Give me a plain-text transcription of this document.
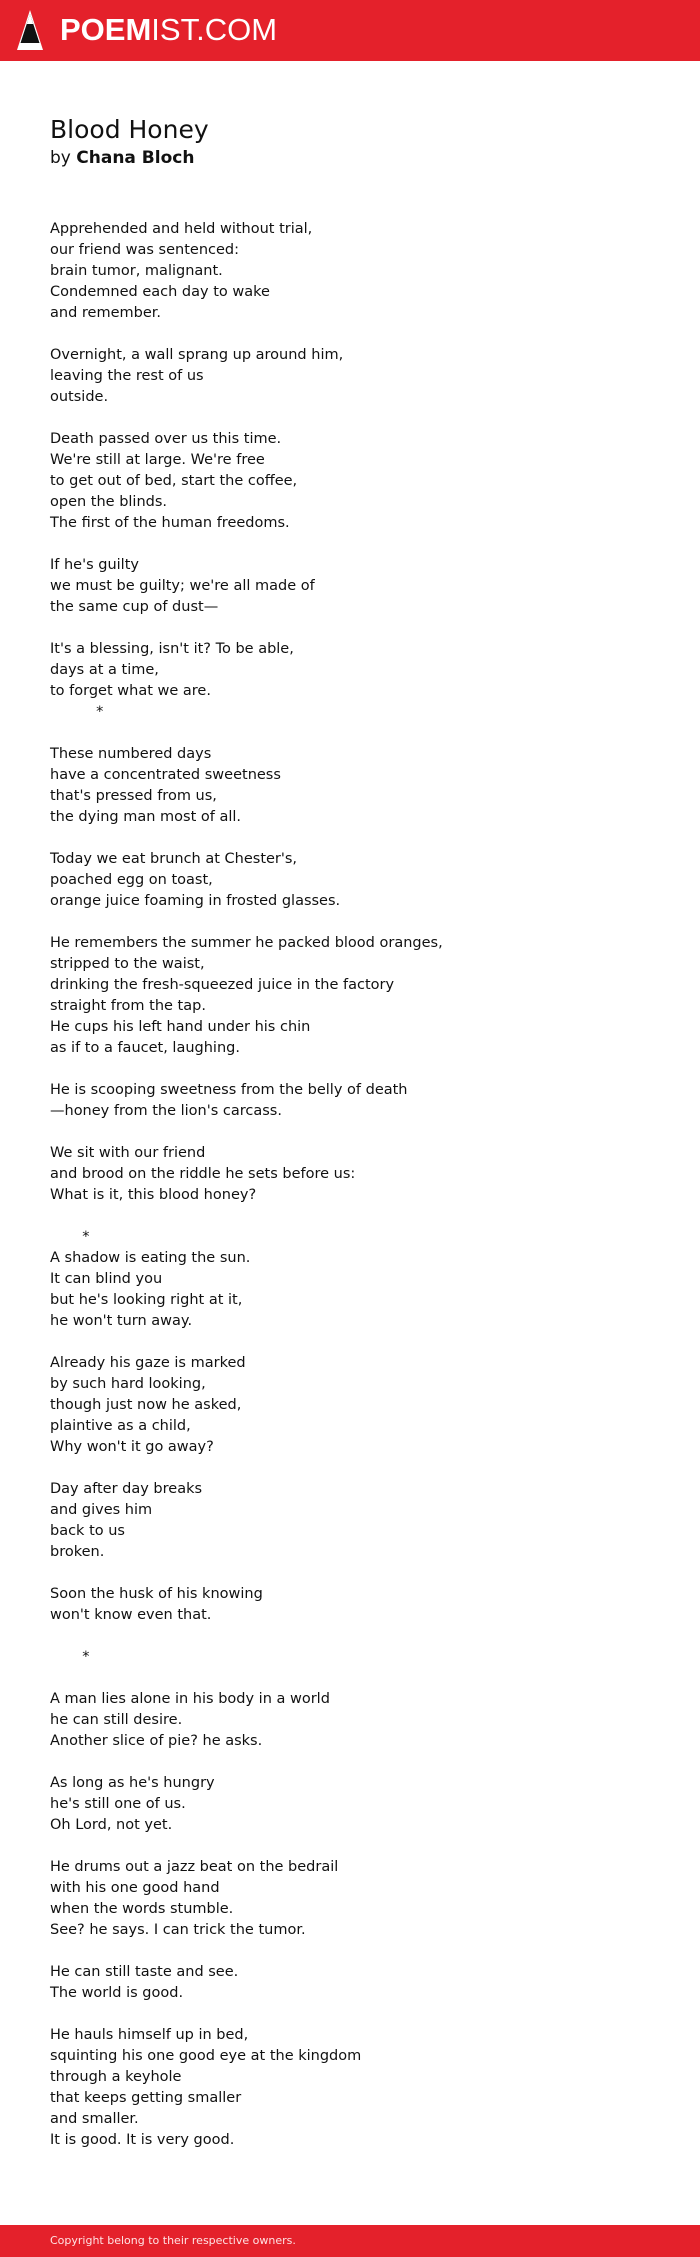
POEMIST.COM
Blood Honey
by Chana Bloch
Apprehended and held without trial,
our friend was sentenced:
brain tumor, malignant.
Condemned each day to wake
and remember.
Overnight, a wall sprang up around him,
leaving the rest of us
outside.
Death passed over us this time.
We're still at large. We're free
to get out of bed, start the coffee,
open the blinds.
The first of the human freedoms.
If he's guilty
we must be guilty; we're all made of
the same cup of dust—
It's a blessing, isn't it? To be able,
days at a time,
to forget what we are.
*
These numbered days
have a concentrated sweetness
that's pressed from us,
the dying man most of all.
Today we eat brunch at Chester's,
poached egg on toast,
orange juice foaming in frosted glasses.
He remembers the summer he packed blood oranges,
stripped to the waist,
drinking the fresh-squeezed juice in the factory
straight from the tap.
He cups his left hand under his chin
as if to a faucet, laughing.
He is scooping sweetness from the belly of death
—honey from the lion's carcass.
We sit with our friend
and brood on the riddle he sets before us:
What is it, this blood honey?
*
A shadow is eating the sun.
It can blind you
but he's looking right at it,
he won't turn away.
Already his gaze is marked
by such hard looking,
though just now he asked,
plaintive as a child,
Why won't it go away?
Day after day breaks
and gives him
back to us
broken.
Soon the husk of his knowing
won't know even that.
*
A man lies alone in his body in a world
he can still desire.
Another slice of pie? he asks.
As long as he's hungry
he's still one of us.
Oh Lord, not yet.
He drums out a jazz beat on the bedrail
with his one good hand
when the words stumble.
See? he says. I can trick the tumor.
He can still taste and see.
The world is good.
He hauls himself up in bed,
squinting his one good eye at the kingdom
through a keyhole
that keeps getting smaller
and smaller.
It is good. It is very good.
Copyright belong to their respective owners.
